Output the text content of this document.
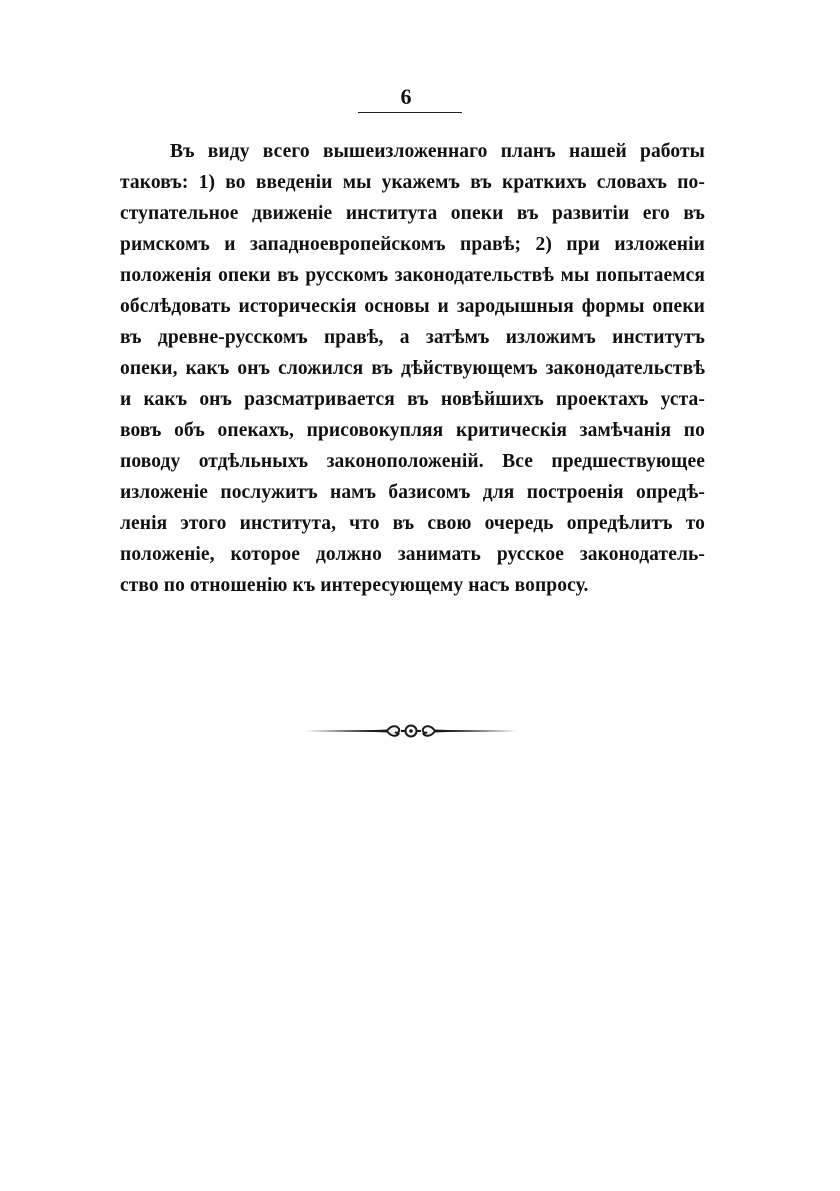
6
Въ виду всего вышеизложеннаго планъ нашей работы
таковъ: 1) во введенiи мы укажемъ въ краткихъ словахъ по-
ступательное движенiе института опеки въ развитiи его въ
римскомъ и западноевропейскомъ правѣ; 2) при изложенiи
положенiя опеки въ русскомъ законодательствѣ мы попытаемся
обслѣдовать историческiя основы и зародышныя формы опеки
въ древне-русскомъ правѣ, а затѣмъ изложимъ институтъ
опеки, какъ онъ сложился въ дѣйствующемъ законодательствѣ
и какъ онъ разсматривается въ новѣйшихъ проектахъ уста-
вовъ объ опекахъ, присовокупляя критическiя замѣчанiя по
поводу отдѣльныхъ законоположенiй. Все предшествующее
изложенiе послужитъ намъ базисомъ для построенiя опредѣ-
ленiя этого института, что въ свою очередь опредѣлитъ то
положенiе, которое должно занимать русское законодатель-
ство по отношенiю къ интересующему насъ вопросу.
